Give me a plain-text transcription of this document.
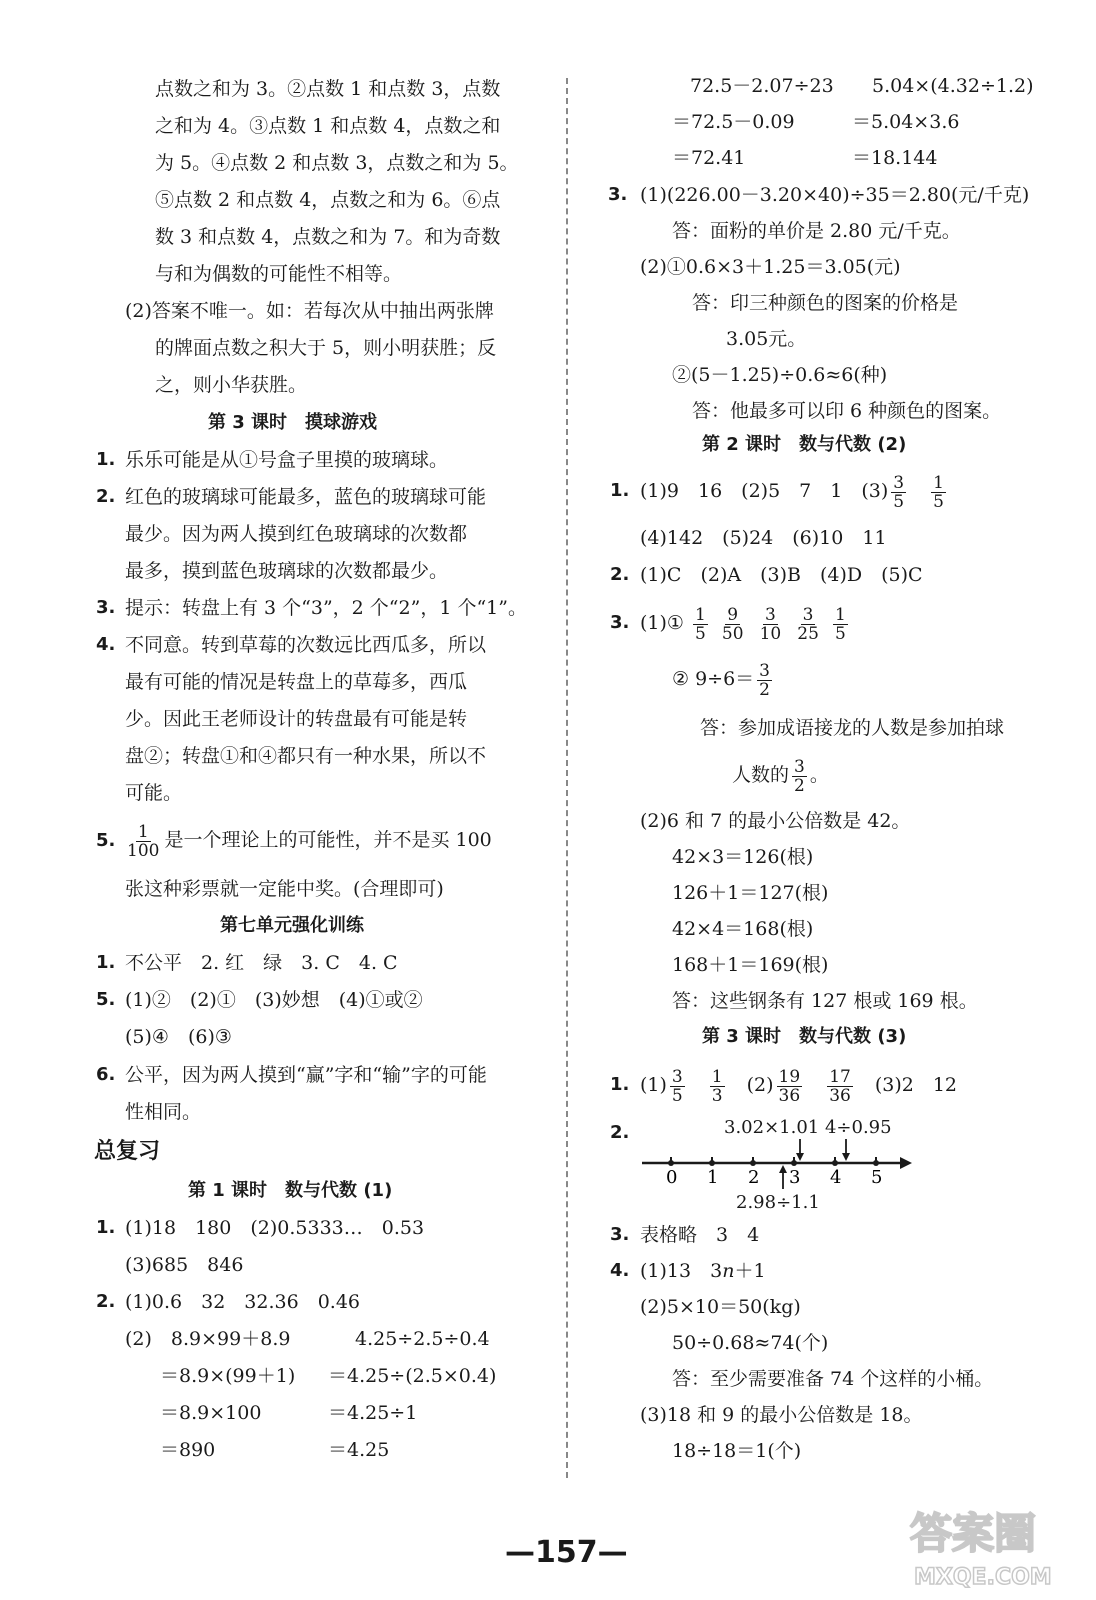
点数之和为 3。②点数 1 和点数 3，点数
之和为 4。③点数 1 和点数 4，点数之和
为 5。④点数 2 和点数 3，点数之和为 5。
⑤点数 2 和点数 4，点数之和为 6。⑥点
数 3 和点数 4，点数之和为 7。和为奇数
与和为偶数的可能性不相等。
(2)答案不唯一。如：若每次从中抽出两张牌
的牌面点数之积大于 5，则小明获胜；反
之，则小华获胜。
第 3 课时　摸球游戏
1. 乐乐可能是从①号盒子里摸的玻璃球。
2. 红色的玻璃球可能最多，蓝色的玻璃球可能
最少。因为两人摸到红色玻璃球的次数都
最多，摸到蓝色玻璃球的次数都最少。
3. 提示：转盘上有 3 个“3”，2 个“2”，1 个“1”。
4. 不同意。转到草莓的次数远比西瓜多，所以
最有可能的情况是转盘上的草莓多，西瓜
少。因此王老师设计的转盘最有可能是转
盘②；转盘①和④都只有一种水果，所以不
可能。
5. $\frac{1}{100}$ 是一个理论上的可能性，并不是买 100
张这种彩票就一定能中奖。(合理即可)
第七单元强化训练
1. 不公平　2. 红　绿　3. C　4. C
5. (1)②　(2)①　(3)妙想　(4)①或②
(5)④　(6)③
6. 公平，因为两人摸到“赢”字和“输”字的可能
性相同。
总复习
第 1 课时　数与代数 (1)
1. (1)18　180　(2)0.5333…　0.53
(3)685　846
2. (1)0.6　32　32.36　0.46
(2)　8.9×99＋8.9
＝8.9×(99＋1)
＝8.9×100
＝890
4.25÷2.5÷0.4
＝4.25÷(2.5×0.4)
＝4.25÷1
＝4.25
72.5－2.07÷23
＝72.5－0.09
＝72.41
5.04×(4.32÷1.2)
＝5.04×3.6
＝18.144
3. (1)(226.00－3.20×40)÷35＝2.80(元/千克)
答：面粉的单价是 2.80 元/千克。
(2)①0.6×3＋1.25＝3.05(元)
答：印三种颜色的图案的价格是
3.05元。
②(5－1.25)÷0.6≈6(种)
答：他最多可以印 6 种颜色的图案。
第 2 课时　数与代数 (2)
1. (1)9　16　(2)5　7　1　$(3) \frac{3}{5}$
　 $\frac{1}{5}$
(4)142　(5)24　(6)10　11
2. (1)C　(2)A　(3)B　(4)D　(5)C
3. (1)① $\frac{1}{5}$
$\frac{9}{50}$
$\frac{3}{10}$
$\frac{3}{25}$
$\frac{1}{5}$
② $9\div 6= \frac{3}{2}$
答：参加成语接龙的人数是参加拍球
人数的 $\frac{3}{2}$ 。
(2)6 和 7 的最小公倍数是 42。
42×3＝126(根)
126＋1＝127(根)
42×4＝168(根)
168＋1＝169(根)
答：这些钢条有 127 根或 169 根。
第 3 课时　数与代数 (3)
1. $(1) \frac{3}{5}$
　 $\frac{1}{3}$
　 $(2) \frac{19}{36}$
　 $\frac{17}{36}$
　 (3)2　12
2.	3.02×1.01 4÷0.95
0 1 2 3 4 5
2.98÷1.1
3. 表格略　3　4
4. (1)13　3n＋1
(2)5×10＝50(kg)
50÷0.68≈74(个)
答：至少需要准备 74 个这样的小桶。
(3)18 和 9 的最小公倍数是 18。
18÷18＝1(个)
—157—	答案圈
MXQE.COM
